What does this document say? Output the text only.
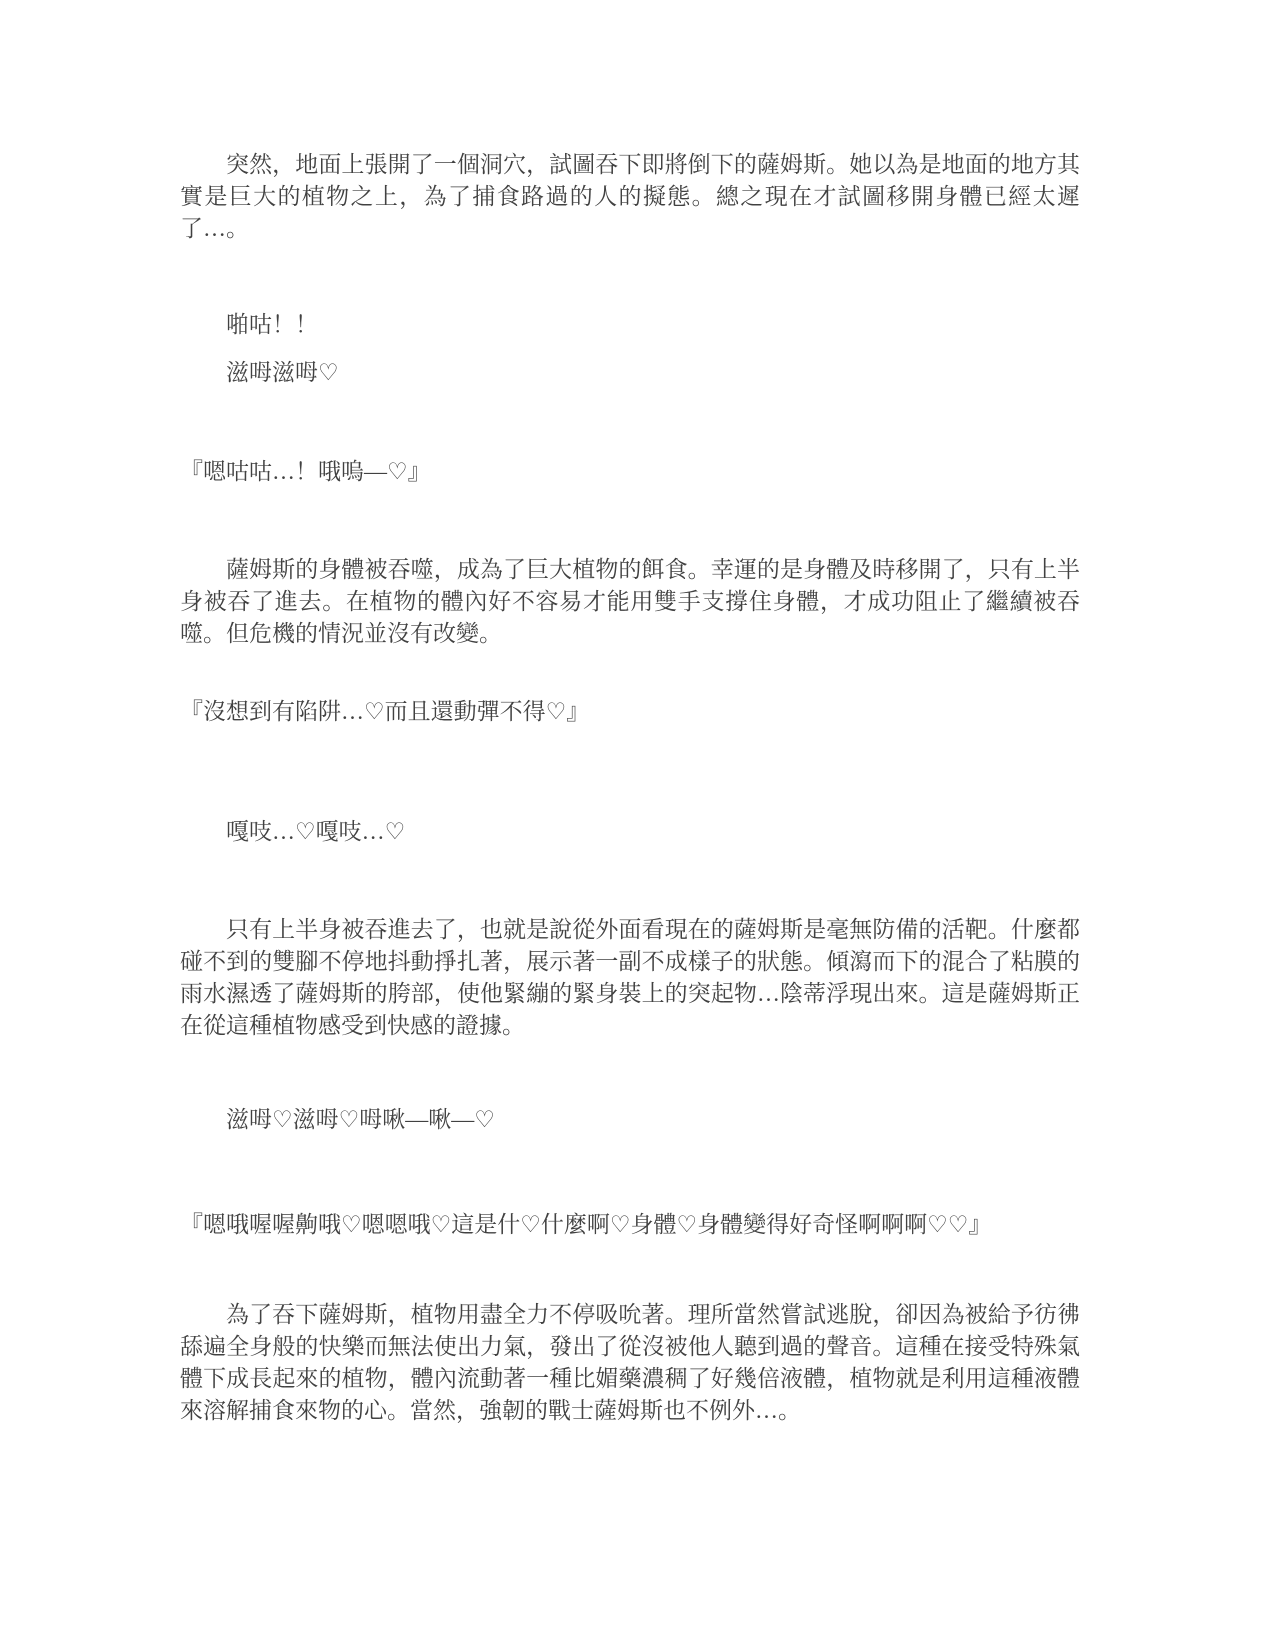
突然，地面上張開了一個洞穴，試圖吞下即將倒下的薩姆斯。她以為是地面的地方其實是巨大的植物之上，為了捕食路過的人的擬態。總之現在才試圖移開身體已經太遲了…。

啪咕！！

滋呣滋呣♡

『嗯咕咕…！哦嗚—♡』

薩姆斯的身體被吞噬，成為了巨大植物的餌食。幸運的是身體及時移開了，只有上半身被吞了進去。在植物的體內好不容易才能用雙手支撐住身體，才成功阻止了繼續被吞噬。但危機的情況並沒有改變。

『沒想到有陷阱…♡而且還動彈不得♡』

嘎吱…♡嘎吱…♡

只有上半身被吞進去了，也就是說從外面看現在的薩姆斯是毫無防備的活靶。什麼都碰不到的雙腳不停地抖動掙扎著，展示著一副不成樣子的狀態。傾瀉而下的混合了粘膜的雨水濕透了薩姆斯的胯部，使他緊繃的緊身裝上的突起物…陰蒂浮現出來。這是薩姆斯正在從這種植物感受到快感的證據。

滋呣♡滋呣♡呣啾—啾—♡

『嗯哦喔喔齁哦♡嗯嗯哦♡這是什♡什麼啊♡身體♡身體變得好奇怪啊啊啊♡♡』

為了吞下薩姆斯，植物用盡全力不停吸吮著。理所當然嘗試逃脫，卻因為被給予彷彿舔遍全身般的快樂而無法使出力氣，發出了從沒被他人聽到過的聲音。這種在接受特殊氣體下成長起來的植物，體內流動著一種比媚藥濃稠了好幾倍液體，植物就是利用這種液體來溶解捕食來物的心。當然，強韌的戰士薩姆斯也不例外…。
